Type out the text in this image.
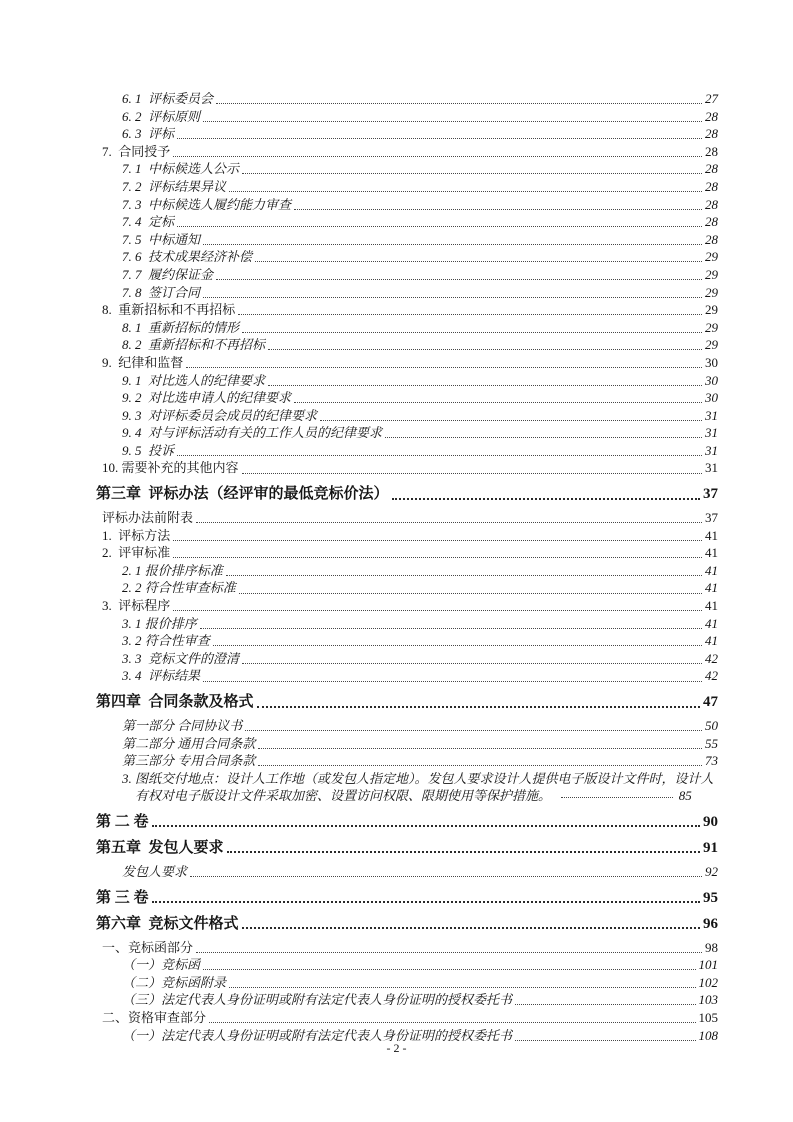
6. 1  评标委员会	27
6. 2  评标原则	28
6. 3  评标	28
7.  合同授予	28
7. 1  中标候选人公示	28
7. 2  评标结果异议	28
7. 3  中标候选人履约能力审查	28
7. 4  定标	28
7. 5  中标通知	28
7. 6  技术成果经济补偿	29
7. 7  履约保证金	29
7. 8  签订合同	29
8.  重新招标和不再招标	29
8. 1  重新招标的情形	29
8. 2  重新招标和不再招标	29
9.  纪律和监督	30
9. 1  对比选人的纪律要求	30
9. 2  对比选申请人的纪律要求	30
9. 3  对评标委员会成员的纪律要求	31
9. 4  对与评标活动有关的工作人员的纪律要求	31
9. 5  投诉	31
10. 需要补充的其他内容	31
第三章  评标办法（经评审的最低竞标价法）	37
评标办法前附表	37
1.  评标方法	41
2.  评审标准	41
2. 1 报价排序标准	41
2. 2 符合性审查标准	41
3.  评标程序	41
3. 1 报价排序	41
3. 2 符合性审查	41
3. 3  竞标文件的澄清	42
3. 4  评标结果	42
第四章  合同条款及格式	47
第一部分 合同协议书	50
第二部分 通用合同条款	55
第三部分 专用合同条款	73
3. 图纸交付地点：设计人工作地（或发包人指定地）。发包人要求设计人提供电子版设计文件时，设计人有权对电子版设计文件采取加密、设置访问权限、限期使用等保护措施。	85
第 二 卷	90
第五章  发包人要求	91
发包人要求	92
第 三 卷	95
第六章  竞标文件格式	96
一、竞标函部分	98
（一）竞标函	101
（二）竞标函附录	102
（三）法定代表人身份证明或附有法定代表人身份证明的授权委托书	103
二、资格审查部分	105
（一）法定代表人身份证明或附有法定代表人身份证明的授权委托书	108
- 2 -
